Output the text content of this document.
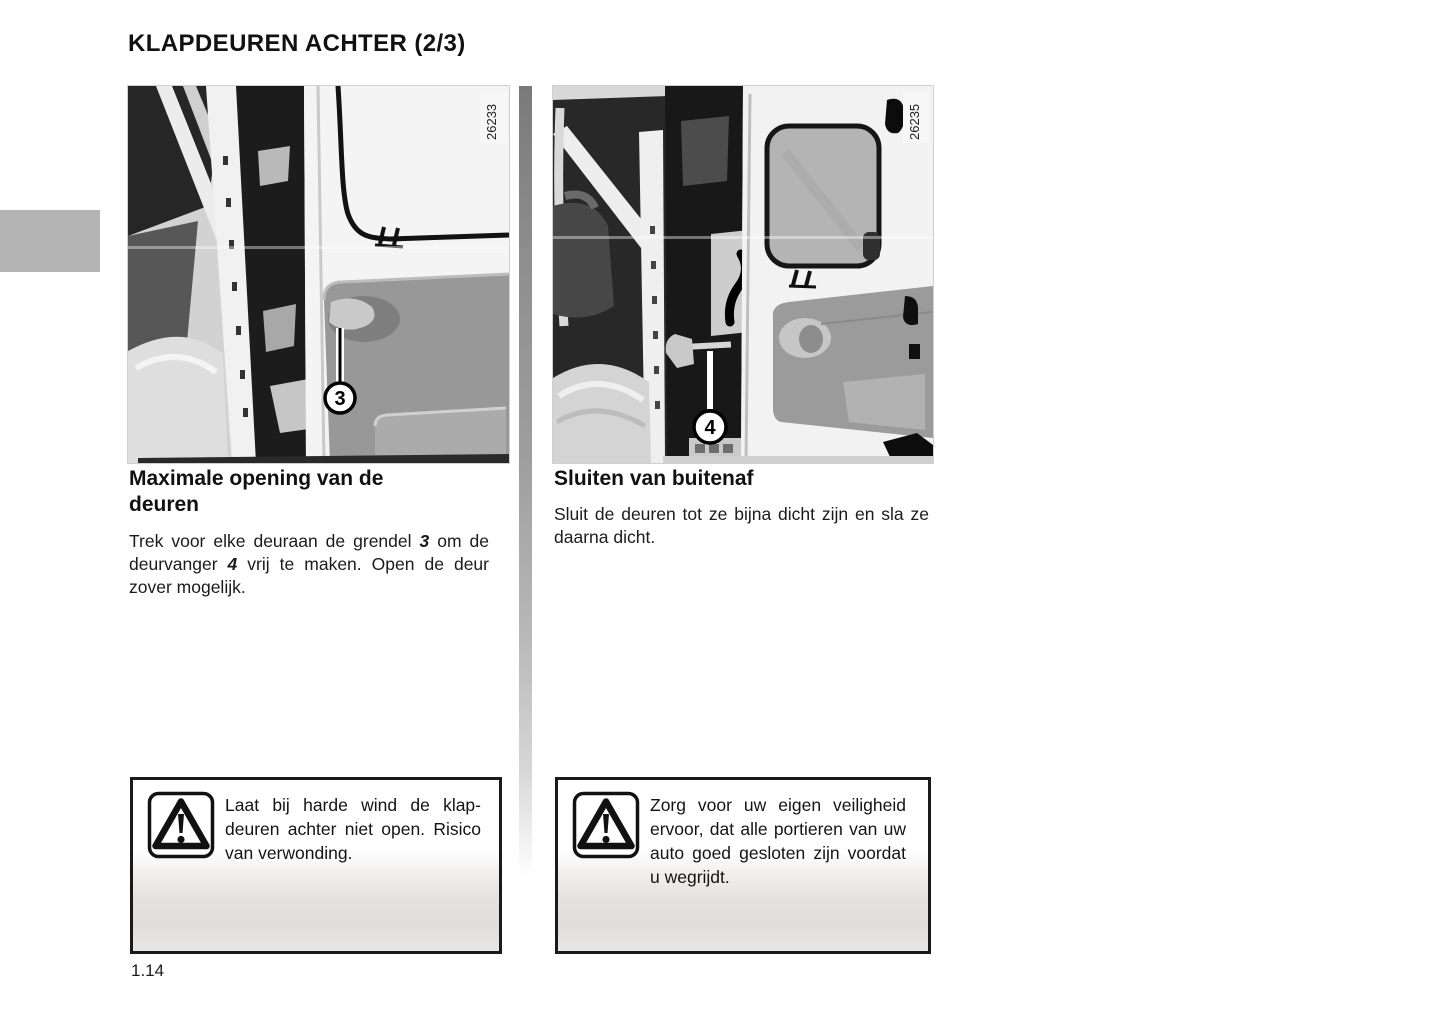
KLAPDEUREN ACHTER (2/3)
3
26233
4
26235
Maximale opening van de deuren

Trek voor elke deuraan de grendel 3 om de deurvanger 4 vrij te maken. Open de deur zover mogelijk.

Sluiten van buitenaf

Sluit de deuren tot ze bijna dicht zijn en sla ze daarna dicht.

Laat bij harde wind de klap-deuren achter niet open. Risico van verwonding.

Zorg voor uw eigen veiligheid ervoor, dat alle portieren van uw auto goed gesloten zijn voordat u wegrijdt.

1.14
